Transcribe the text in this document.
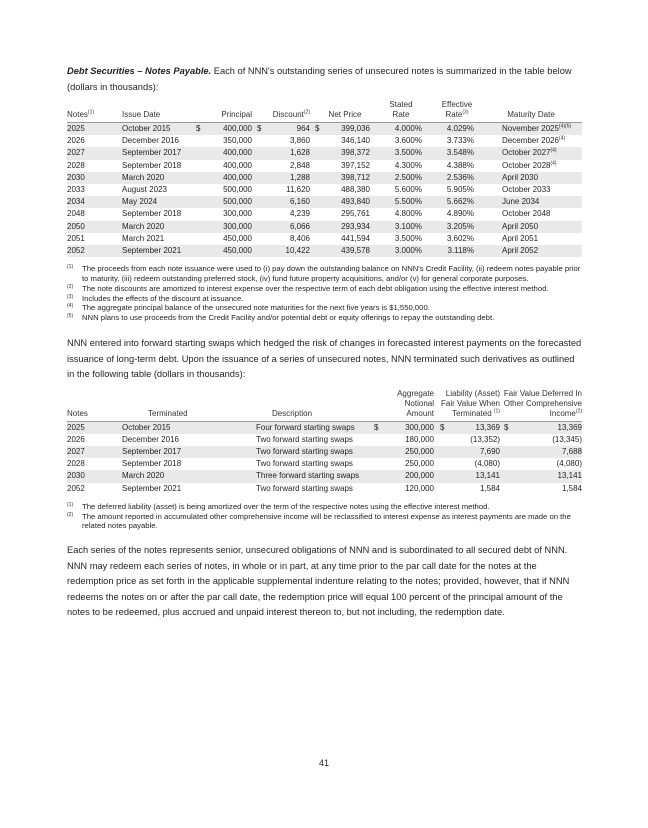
Debt Securities – Notes Payable. Each of NNN's outstanding series of unsecured notes is summarized in the table below (dollars in thousands):

Notes$^{(1)}$	Issue Date	Principal		Discount$^{(2)}$		Net Price		Stated Rate	Effective Rate$^{(3)}$	Maturity Date
2025	October 2015	$	400,000	$	964	$	399,036	4.000%	4.029%	November $2025^{(4)(5)}$
2026	December 2016		350,000		3,860		346,140	3.600%	3.733%	December 2026$^{(4)}$
2027	September 2017		400,000		1,628		398,372	3.500%	3.548%	October 2027$^{(4)}$
2028	September 2018		400,000		2,848		397,152	4.300%	4.388%	October 2028$^{(4)}$
2030	March 2020		400,000		1,288		398,712	2.500%	2.536%	April 2030
2033	August 2023		500,000		11,620		488,380	5.600%	5.905%	October 2033
2034	May 2024		500,000		6,160		493,840	5.500%	5.662%	June 2034
2048	September 2018		300,000		4,239		295,761	4.800%	4.890%	October 2048
2050	March 2020		300,000		6,066		293,934	3.100%	3.205%	April 2050
2051	March 2021		450,000		8,406		441,594	3.500%	3.602%	April 2051
2052	September 2021		450,000		10,422		439,578	3.000%	3.118%	April 2052
(1)	The proceeds from each note issuance were used to (i) pay down the outstanding balance on NNN's Credit Facility, (ii) redeem notes payable prior to maturity, (iii) redeem outstanding preferred stock, (iv) fund future property acquisitions, and/or (v) for general corporate purposes.
(2)	The note discounts are amortized to interest expense over the respective term of each debt obligation using the effective interest method.
(3)	Includes the effects of the discount at issuance.
(4)	The aggregate principal balance of the unsecured note maturities for the next five years is $1,550,000.
(5)	NNN plans to use proceeds from the Credit Facility and/or potential debt or equity offerings to repay the outstanding debt.

NNN entered into forward starting swaps which hedged the risk of changes in forecasted interest payments on the forecasted issuance of long-term debt. Upon the issuance of a series of unsecured notes, NNN terminated such derivatives as outlined in the following table (dollars in thousands):

Notes	Terminated	Description	Aggregate Notional Amount		Liability (Asset) Fair Value When Terminated $^{(1)}$		Fair Value Deferred In Other Comprehensive Income$^{(2)}$
2025	October 2015	Four forward starting swaps	$	300,000	$	13,369	$	13,369
2026	December 2016	Two forward starting swaps		180,000		(13,352)		(13,345)
2027	September 2017	Two forward starting swaps		250,000		7,690		7,688
2028	September 2018	Two forward starting swaps		250,000		(4,080)		(4,080)
2030	March 2020	Three forward starting swaps		200,000		13,141		13,141
2052	September 2021	Two forward starting swaps		120,000		1,584		1,584
(1)	The deferred liability (asset) is being amortized over the term of the respective notes using the effective interest method.
(2)	The amount reported in accumulated other comprehensive income will be reclassified to interest expense as interest payments are made on the related notes payable.

Each series of the notes represents senior, unsecured obligations of NNN and is subordinated to all secured debt of NNN. NNN may redeem each series of notes, in whole or in part, at any time prior to the par call date for the notes at the redemption price as set forth in the applicable supplemental indenture relating to the notes; provided, however, that if NNN redeems the notes on or after the par call date, the redemption price will equal 100 percent of the principal amount of the notes to be redeemed, plus accrued and unpaid interest thereon to, but not including, the redemption date.

41
